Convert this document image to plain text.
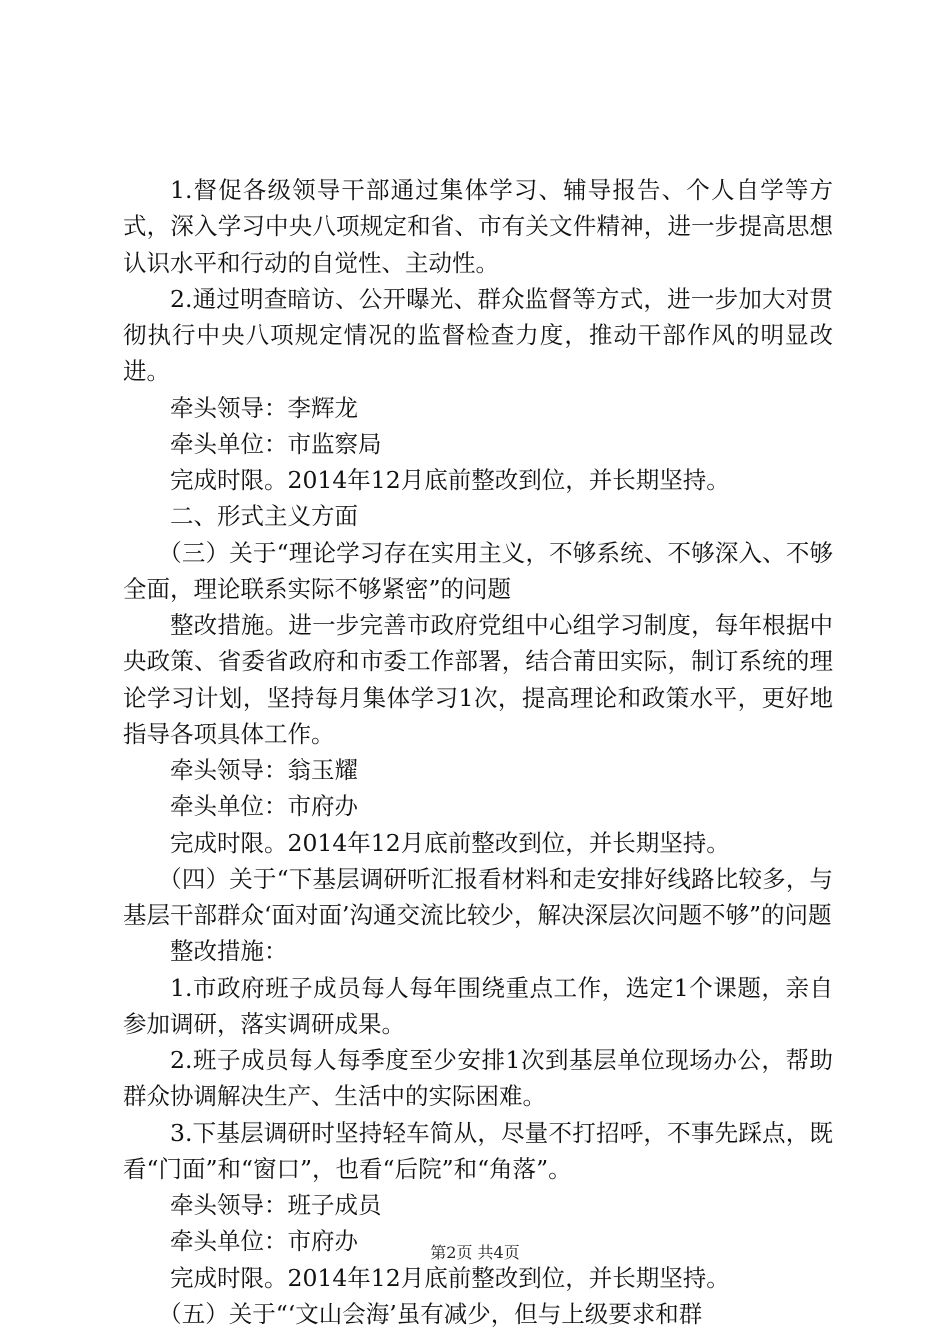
1.督促各级领导干部通过集体学习、辅导报告、个人自学等方式，深入学习中央八项规定和省、市有关文件精神，进一步提高思想认识水平和行动的自觉性、主动性。

2.通过明查暗访、公开曝光、群众监督等方式，进一步加大对贯彻执行中央八项规定情况的监督检查力度，推动干部作风的明显改进。

牵头领导：李辉龙

牵头单位：市监察局

完成时限。2014年12月底前整改到位，并长期坚持。

二、形式主义方面

（三）关于“理论学习存在实用主义，不够系统、不够深入、不够全面，理论联系实际不够紧密”的问题

整改措施。进一步完善市政府党组中心组学习制度，每年根据中央政策、省委省政府和市委工作部署，结合莆田实际，制订系统的理论学习计划，坚持每月集体学习1次，提高理论和政策水平，更好地指导各项具体工作。

牵头领导：翁玉耀

牵头单位：市府办

完成时限。2014年12月底前整改到位，并长期坚持。

（四）关于“下基层调研听汇报看材料和走安排好线路比较多，与基层干部群众‘面对面’沟通交流比较少，解决深层次问题不够”的问题

整改措施：

1.市政府班子成员每人每年围绕重点工作，选定1个课题，亲自参加调研，落实调研成果。

2.班子成员每人每季度至少安排1次到基层单位现场办公，帮助群众协调解决生产、生活中的实际困难。

3.下基层调研时坚持轻车简从，尽量不打招呼，不事先踩点，既看“门面”和“窗口”，也看“后院”和“角落”。

牵头领导：班子成员

牵头单位：市府办

完成时限。2014年12月底前整改到位，并长期坚持。

（五）关于“‘文山会海’虽有减少，但与上级要求和群

第2页 共4页
